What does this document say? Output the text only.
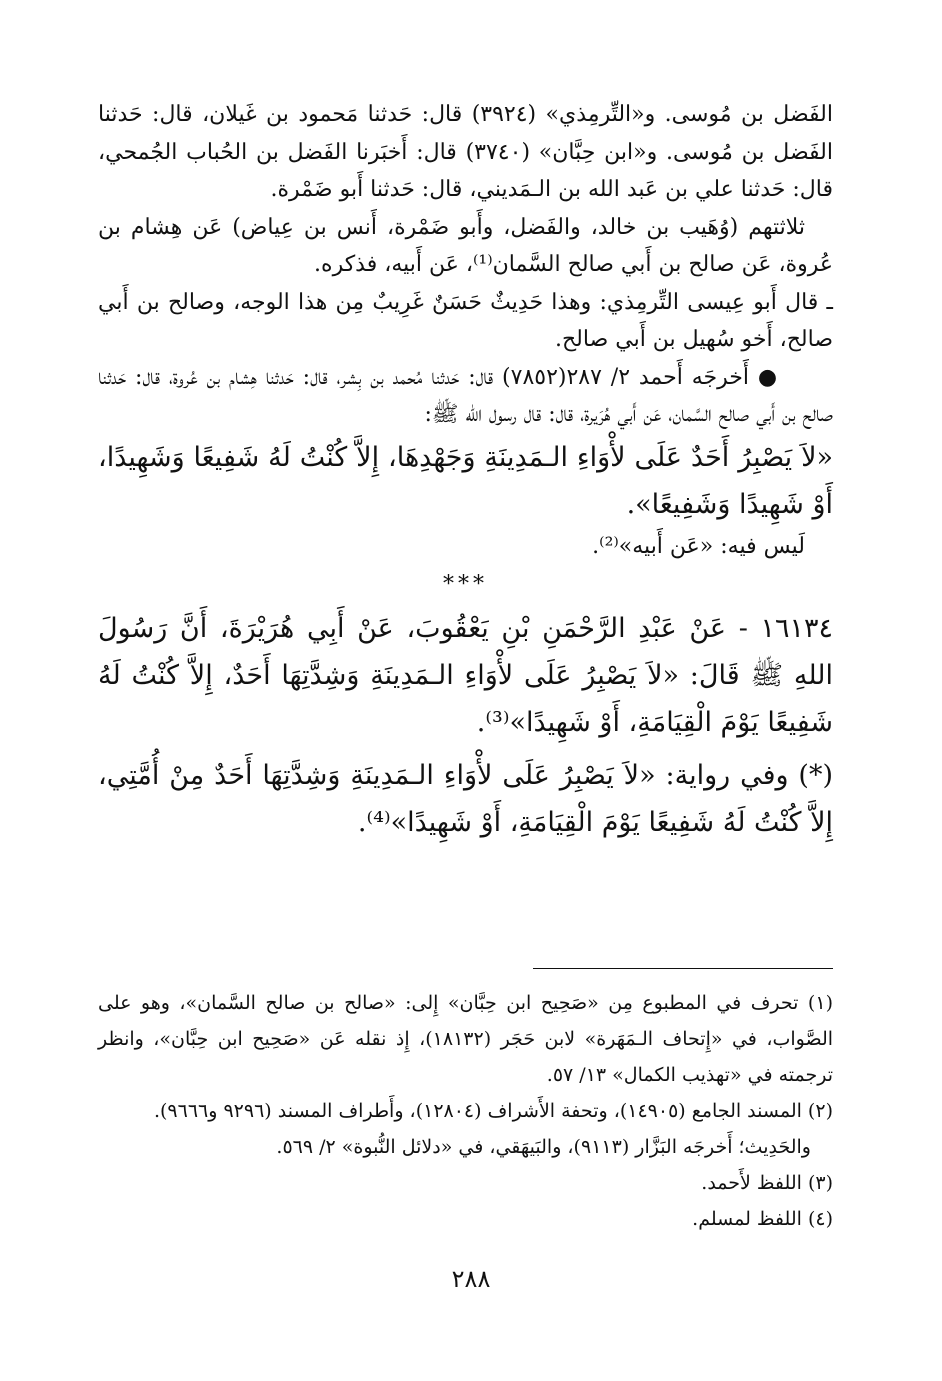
الفَضل بن مُوسى. و«التِّرمِذي» (٣٩٢٤) قال: حَدثنا مَحمود بن غَيلان، قال: حَدثنا الفَضل بن مُوسى. و«ابن حِبَّان» (٣٧٤٠) قال: أَخبَرنا الفَضل بن الحُباب الجُمحي، قال: حَدثنا علي بن عَبد الله بن الـمَديني، قال: حَدثنا أَبو ضَمْرة.

ثلاثتهم (وُهَيب بن خالد، والفَضل، وأَبو ضَمْرة، أَنس بن عِياض) عَن هِشام بن عُروة، عَن صالح بن أَبي صالح السَّمان⁽¹⁾، عَن أَبيه، فذكره.

ـ قال أَبو عِيسى التِّرمِذي: وهذا حَدِيثٌ حَسَنٌ غَرِيبٌ مِن هذا الوجه، وصالح بن أَبي صالح، أَخو سُهيل بن أَبي صالح.

● أَخرجَه أَحمد ٢/ ٢٨٧(٧٨٥٢) قال: حَدثنا مُحمد بن بِشر، قال: حَدثنا هِشام بن عُروة، قال: حَدثنا صالح بن أَبي صالح السَّمان، عَن أَبي هُرَيرة، قال: قال رسول الله ﷺ:

«لاَ يَصْبِرُ أَحَدٌ عَلَى لأْوَاءِ الـمَدِينَةِ وَجَهْدِهَا، إِلاَّ كُنْتُ لَهُ شَفِيعًا وَشَهِيدًا، أَوْ شَهِيدًا وَشَفِيعًا».

لَيس فيه: «عَن أَبيه»⁽²⁾.

***

١٦١٣٤ - عَنْ عَبْدِ الرَّحْمَنِ بْنِ يَعْقُوبَ، عَنْ أَبِي هُرَيْرَةَ، أَنَّ رَسُولَ اللهِ ﷺ قَالَ: «لاَ يَصْبِرُ عَلَى لأْوَاءِ الـمَدِينَةِ وَشِدَّتِهَا أَحَدٌ، إِلاَّ كُنْتُ لَهُ شَفِيعًا يَوْمَ الْقِيَامَةِ، أَوْ شَهِيدًا»⁽³⁾.

(*) وفي رواية: «لاَ يَصْبِرُ عَلَى لأْوَاءِ الـمَدِينَةِ وَشِدَّتِهَا أَحَدٌ مِنْ أُمَّتِي، إِلاَّ كُنْتُ لَهُ شَفِيعًا يَوْمَ الْقِيَامَةِ، أَوْ شَهِيدًا»⁽⁴⁾.

(١) تحرف في المطبوع مِن «صَحِيح ابن حِبَّان» إِلى: «صالح بن صالح السَّمان»، وهو على الصَّواب، في «إِتحاف الـمَهَرة» لابن حَجَر (١٨١٣٢)، إِذ نقله عَن «صَحِيح ابن حِبَّان»، وانظر ترجمته في «تهذيب الكمال» ١٣/ ٥٧.

(٢) المسند الجامع (١٤٩٠٥)، وتحفة الأَشراف (١٢٨٠٤)، وأَطراف المسند (٩٢٩٦ و٩٦٦٦).

والحَدِيث؛ أَخرجَه البَزَّار (٩١١٣)، والبَيهَقي، في «دلائل النُّبوة» ٢/ ٥٦٩.

(٣) اللفظ لأَحمد.

(٤) اللفظ لمسلم.

٢٨٨
